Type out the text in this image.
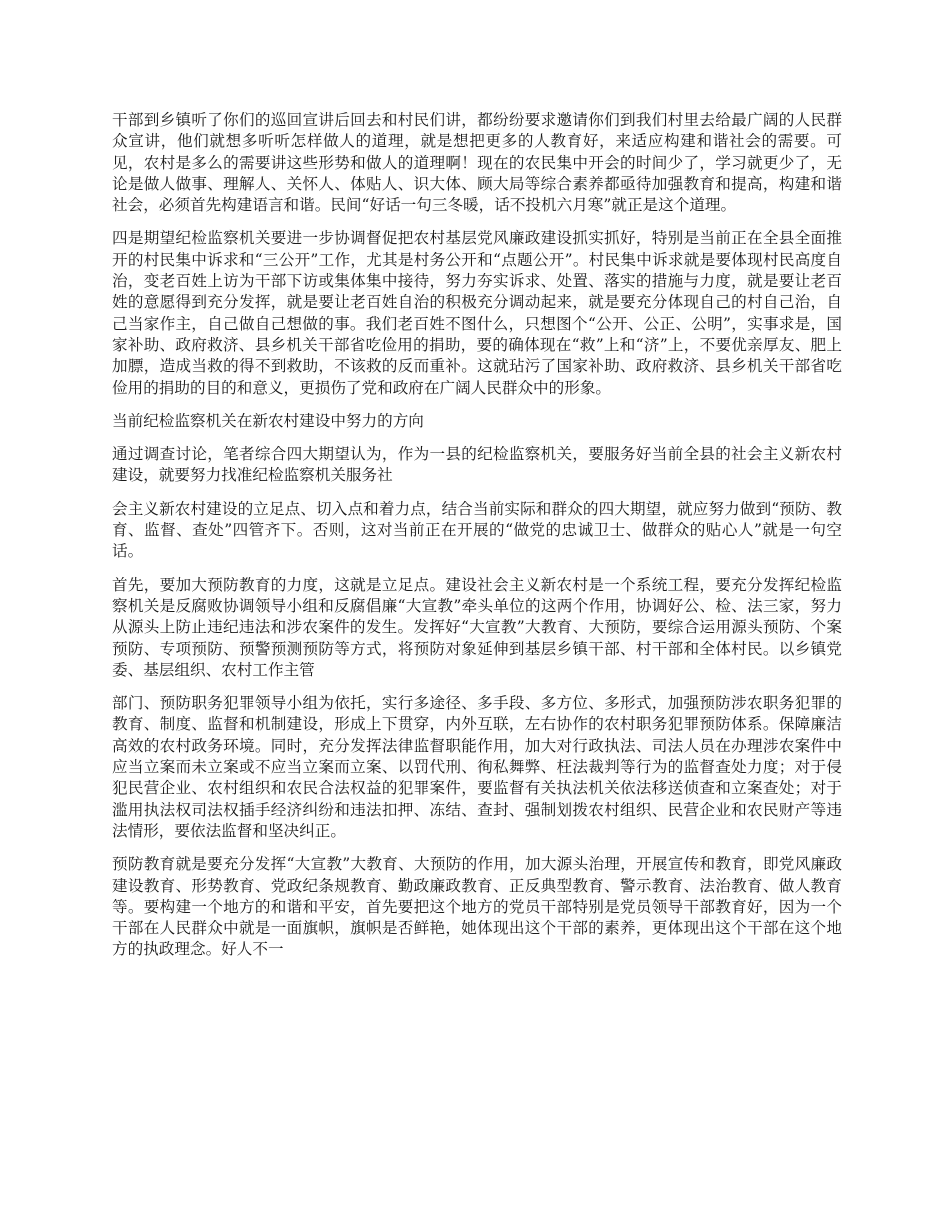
干部到乡镇听了你们的巡回宣讲后回去和村民们讲，都纷纷要求邀请你们到我们村里去给最广阔的人民群众宣讲，他们就想多听听怎样做人的道理，就是想把更多的人教育好，来适应构建和谐社会的需要。可见，农村是多么的需要讲这些形势和做人的道理啊！现在的农民集中开会的时间少了，学习就更少了，无论是做人做事、理解人、关怀人、体贴人、识大体、顾大局等综合素养都亟待加强教育和提高，构建和谐社会，必须首先构建语言和谐。民间“好话一句三冬暖，话不投机六月寒”就正是这个道理。

四是期望纪检监察机关要进一步协调督促把农村基层党风廉政建设抓实抓好，特别是当前正在全县全面推开的村民集中诉求和“三公开”工作，尤其是村务公开和“点题公开”。村民集中诉求就是要体现村民高度自治，变老百姓上访为干部下访或集体集中接待，努力夯实诉求、处置、落实的措施与力度，就是要让老百姓的意愿得到充分发挥，就是要让老百姓自治的积极充分调动起来，就是要充分体现自己的村自己治，自己当家作主，自己做自己想做的事。我们老百姓不图什么，只想图个“公开、公正、公明”，实事求是，国家补助、政府救济、县乡机关干部省吃俭用的捐助，要的确体现在“救”上和“济”上，不要优亲厚友、肥上加膘，造成当救的得不到救助，不该救的反而重补。这就玷污了国家补助、政府救济、县乡机关干部省吃俭用的捐助的目的和意义，更损伤了党和政府在广阔人民群众中的形象。

当前纪检监察机关在新农村建设中努力的方向

通过调查讨论，笔者综合四大期望认为，作为一县的纪检监察机关，要服务好当前全县的社会主义新农村建设，就要努力找准纪检监察机关服务社

会主义新农村建设的立足点、切入点和着力点，结合当前实际和群众的四大期望，就应努力做到“预防、教育、监督、查处”四管齐下。否则，这对当前正在开展的“做党的忠诚卫士、做群众的贴心人”就是一句空话。

首先，要加大预防教育的力度，这就是立足点。建设社会主义新农村是一个系统工程，要充分发挥纪检监察机关是反腐败协调领导小组和反腐倡廉“大宣教”牵头单位的这两个作用，协调好公、检、法三家，努力从源头上防止违纪违法和涉农案件的发生。发挥好“大宣教”大教育、大预防，要综合运用源头预防、个案预防、专项预防、预警预测预防等方式，将预防对象延伸到基层乡镇干部、村干部和全体村民。以乡镇党委、基层组织、农村工作主管

部门、预防职务犯罪领导小组为依托，实行多途径、多手段、多方位、多形式，加强预防涉农职务犯罪的教育、制度、监督和机制建设，形成上下贯穿，内外互联，左右协作的农村职务犯罪预防体系。保障廉洁高效的农村政务环境。同时，充分发挥法律监督职能作用，加大对行政执法、司法人员在办理涉农案件中应当立案而未立案或不应当立案而立案、以罚代刑、徇私舞弊、枉法裁判等行为的监督查处力度；对于侵犯民营企业、农村组织和农民合法权益的犯罪案件，要监督有关执法机关依法移送侦查和立案查处；对于滥用执法权司法权插手经济纠纷和违法扣押、冻结、查封、强制划拨农村组织、民营企业和农民财产等违法情形，要依法监督和坚决纠正。

预防教育就是要充分发挥“大宣教”大教育、大预防的作用，加大源头治理，开展宣传和教育，即党风廉政建设教育、形势教育、党政纪条规教育、勤政廉政教育、正反典型教育、警示教育、法治教育、做人教育等。要构建一个地方的和谐和平安，首先要把这个地方的党员干部特别是党员领导干部教育好，因为一个干部在人民群众中就是一面旗帜，旗帜是否鲜艳，她体现出这个干部的素养，更体现出这个干部在这个地方的执政理念。好人不一
